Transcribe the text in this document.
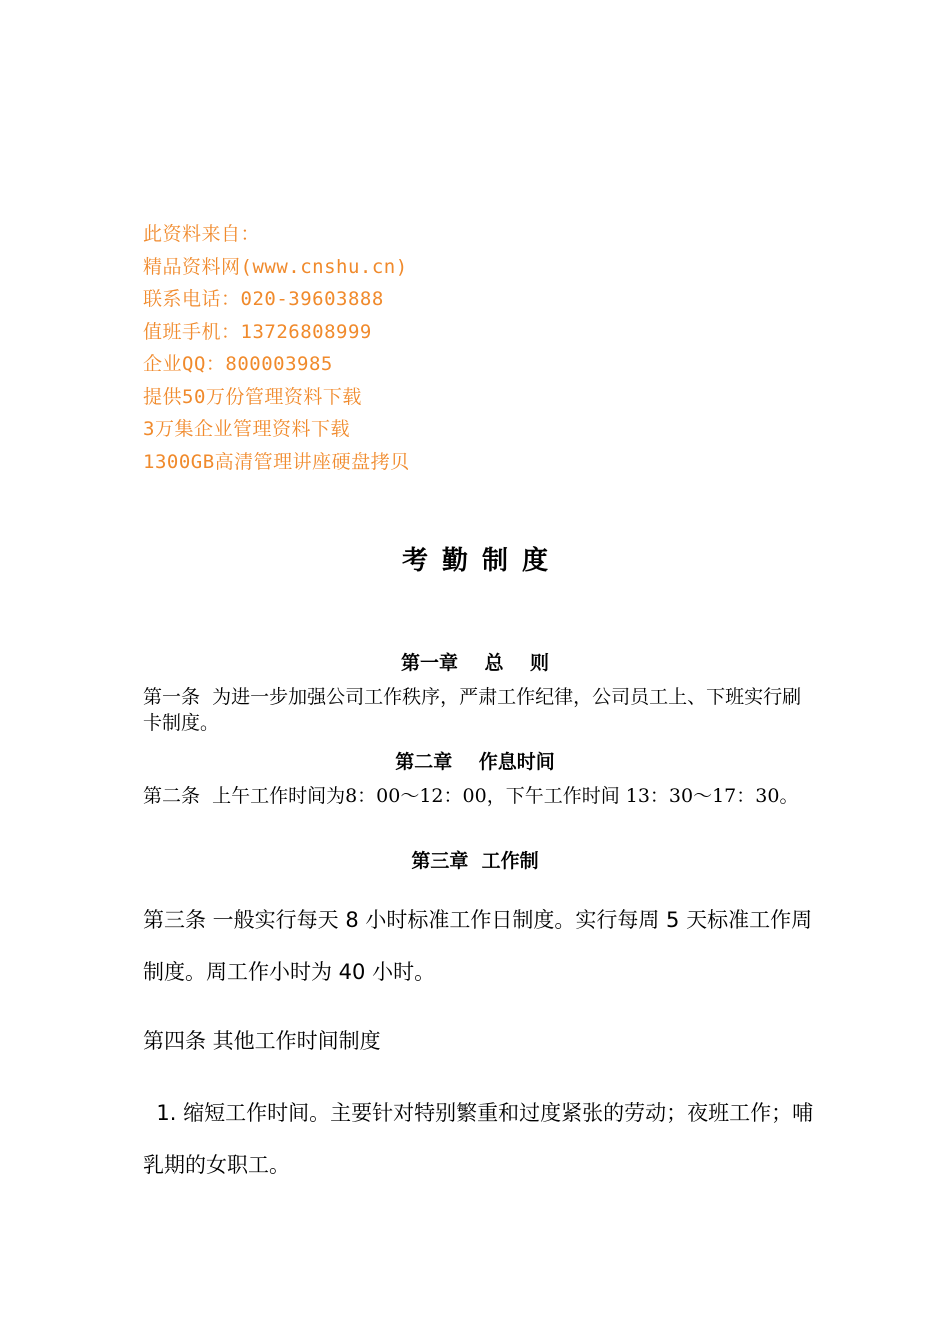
此资料来自：
精品资料网(www.cnshu.cn)
联系电话：020-39603888
值班手机：13726808999
企业QQ：800003985
提供50万份管理资料下载
3万集企业管理资料下载
1300GB高清管理讲座硬盘拷贝
考勤制度
第一章    总    则
第一条  为进一步加强公司工作秩序，严肃工作纪律，公司员工上、下班实行刷卡制度。
第二章    作息时间
第二条  上午工作时间为8：00～12：00，下午工作时间 13：30～17：30。
第三章  工作制
第三条 一般实行每天 8 小时标准工作日制度。实行每周 5 天标准工作周制度。周工作小时为 40 小时。
第四条 其他工作时间制度
1. 缩短工作时间。主要针对特别繁重和过度紧张的劳动；夜班工作；哺乳期的女职工。
